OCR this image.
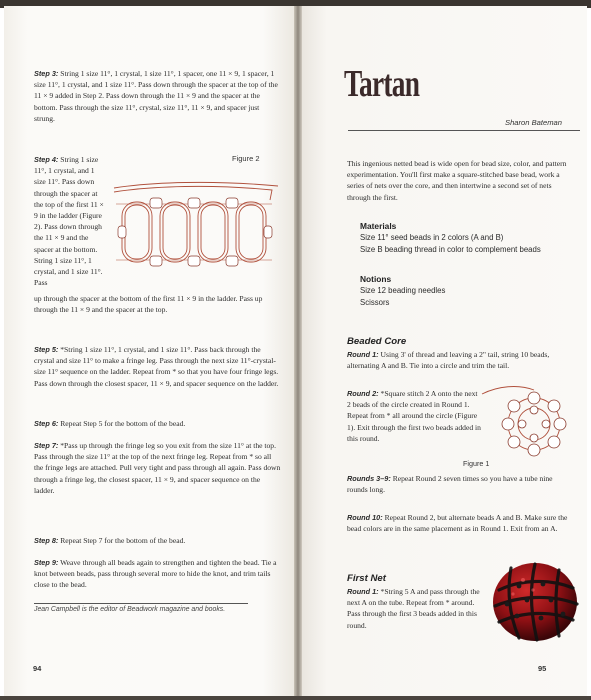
Step 3: String 1 size 11°, 1 crystal, 1 size 11°, 1 spacer, one 11 × 9, 1 spacer, 1 size 11°, 1 crystal, and 1 size 11°. Pass down through the spacer at the top of the 11 × 9 added in Step 2. Pass down through the 11 × 9 and the spacer at the bottom. Pass through the size 11°, crystal, size 11°, 11 × 9, and spacer just strung.

Step 4: String 1 size 11°, 1 crystal, and 1 size 11°. Pass down through the spacer at the top of the first 11 × 9 in the ladder (Figure 2). Pass down through the 11 × 9 and the spacer at the bottom. String 1 size 11°, 1 crystal, and 1 size 11°. Pass

Figure 2

up through the spacer at the bottom of the first 11 × 9 in the ladder. Pass up through the 11 × 9 and the spacer at the top.

Step 5: *String 1 size 11°, 1 crystal, and 1 size 11°. Pass back through the crystal and size 11° to make a fringe leg. Pass through the next size 11°-crystal-size 11° sequence on the ladder. Repeat from * so that you have four fringe legs. Pass down through the closest spacer, 11 × 9, and spacer sequence on the ladder.

Step 6: Repeat Step 5 for the bottom of the bead.

Step 7: *Pass up through the fringe leg so you exit from the size 11° at the top. Pass through the size 11° at the top of the next fringe leg. Repeat from * so all the fringe legs are attached. Pull very tight and pass through all again. Pass down through a fringe leg, the closest spacer, 11 × 9, and spacer sequence on the ladder.

Step 8: Repeat Step 7 for the bottom of the bead.

Step 9: Weave through all beads again to strengthen and tighten the bead. Tie a knot between beads, pass through several more to hide the knot, and trim tails close to the bead.

Jean Campbell is the editor of Beadwork magazine and books.
94
Tartan
Sharon Bateman

This ingenious netted bead is wide open for bead size, color, and pattern experimentation. You'll first make a square-stitched base bead, work a series of nets over the core, and then intertwine a second set of nets through the first.

Materials
Size 11° seed beads in 2 colors (A and B)
Size B beading thread in color to complement beads
Notions
Size 12 beading needles
Scissors
Beaded Core

Round 1: Using 3' of thread and leaving a 2" tail, string 10 beads, alternating A and B. Tie into a circle and trim the tail.

Round 2: *Square stitch 2 A onto the next 2 beads of the circle created in Round 1. Repeat from * all around the circle (Figure 1). Exit through the first two beads added in this round.

Figure 1

Rounds 3–9: Repeat Round 2 seven times so you have a tube nine rounds long.

Round 10: Repeat Round 2, but alternate beads A and B. Make sure the bead colors are in the same placement as in Round 1. Exit from an A.

First Net

Round 1: *String 5 A and pass through the next A on the tube. Repeat from * around. Pass through the first 3 beads added in this round.

95
